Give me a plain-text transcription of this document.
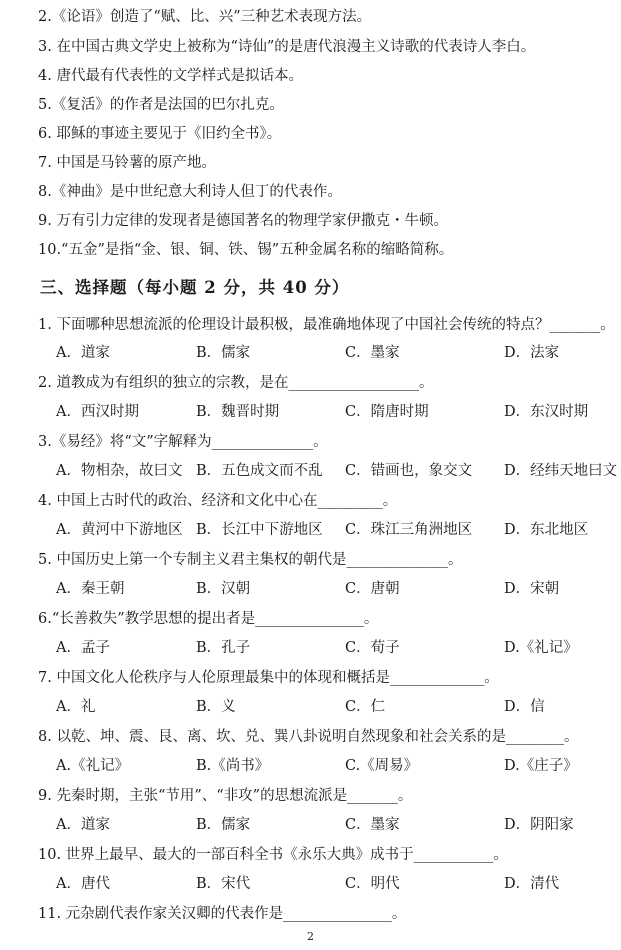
2.《论语》创造了“赋、比、兴”三种艺术表现方法。
3. 在中国古典文学史上被称为“诗仙”的是唐代浪漫主义诗歌的代表诗人李白。
4. 唐代最有代表性的文学样式是拟话本。
5.《复活》的作者是法国的巴尔扎克。
6. 耶稣的事迹主要见于《旧约全书》。
7. 中国是马铃薯的原产地。
8.《神曲》是中世纪意大利诗人但丁的代表作。
9. 万有引力定律的发现者是德国著名的物理学家伊撒克・牛顿。
10.“五金”是指“金、银、铜、铁、锡”五种金属名称的缩略简称。
三、选择题（每小题 2 分，共 40 分）
1. 下面哪种思想流派的伦理设计最积极，最准确地体现了中国社会传统的特点？_______。
A．道家	B．儒家	C．墨家	D．法家
2. 道教成为有组织的独立的宗教，是在__________________。
A．西汉时期	B．魏晋时期	C．隋唐时期	D．东汉时期
3.《易经》将“文”字解释为______________。
A．物相杂，故曰文 B．五色成文而不乱 C．错画也，象交文 D．经纬天地曰文
4. 中国上古时代的政治、经济和文化中心在_________。
A．黄河中下游地区 B．长江中下游地区 C．珠江三角洲地区 D．东北地区
5. 中国历史上第一个专制主义君主集权的朝代是______________。
A．秦王朝	B．汉朝	C．唐朝	D．宋朝
6.“长善救失”教学思想的提出者是_______________。
A．孟子	B．孔子	C．荀子	D.《礼记》
7. 中国文化人伦秩序与人伦原理最集中的体现和概括是_____________。
A．礼	B．义	C．仁	D．信
8. 以乾、坤、震、艮、离、坎、兑、巽八卦说明自然现象和社会关系的是________。
A.《礼记》	B.《尚书》	C.《周易》	D.《庄子》
9. 先秦时期，主张“节用”、“非攻”的思想流派是_______。
A．道家	B．儒家	C．墨家	D．阴阳家
10. 世界上最早、最大的一部百科全书《永乐大典》成书于___________。
A．唐代	B．宋代	C．明代	D．清代
11. 元杂剧代表作家关汉卿的代表作是_______________。
2
